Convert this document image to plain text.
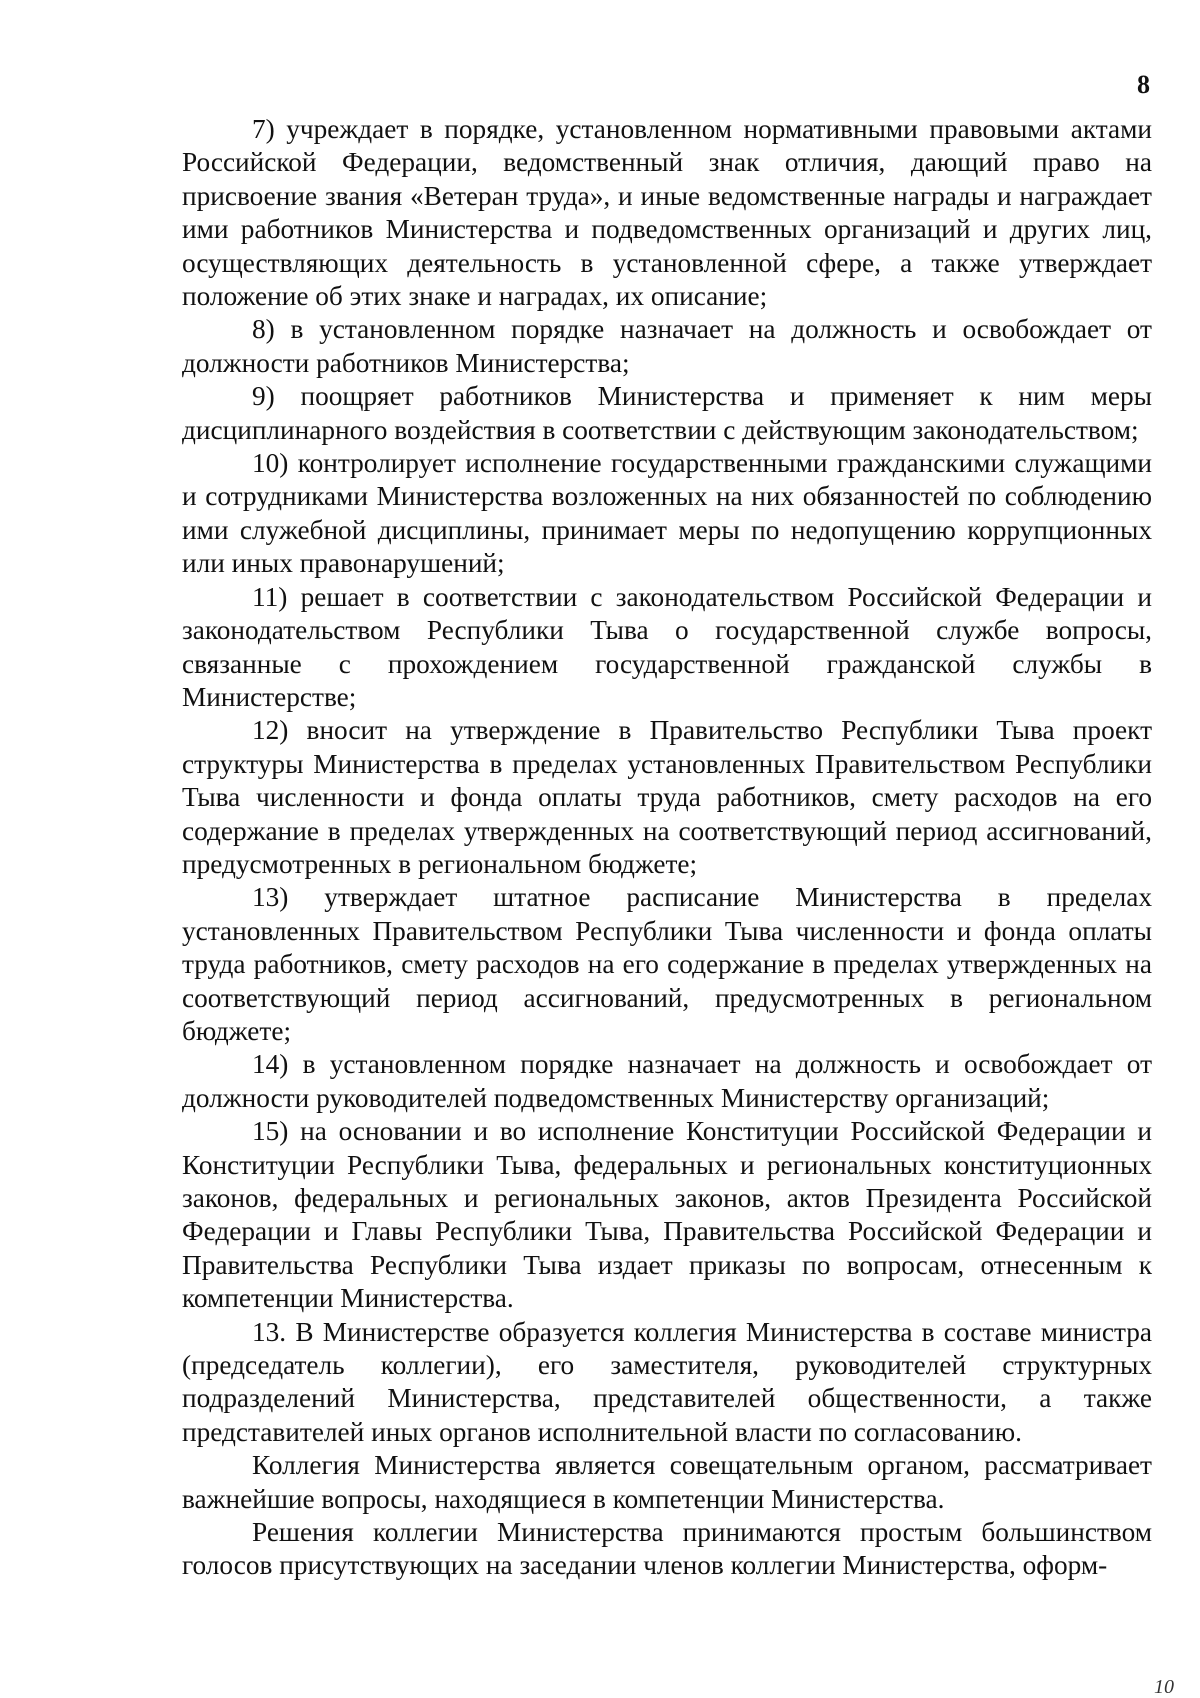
8

7) учреждает в порядке, установленном нормативными правовыми актами Российской Федерации, ведомственный знак отличия, дающий право на присвоение звания «Ветеран труда», и иные ведомственные награды и награждает ими работников Министерства и подведомственных организаций и других лиц, осуществляющих деятельность в установленной сфере, а также утверждает положение об этих знаке и наградах, их описание;

8) в установленном порядке назначает на должность и освобождает от должности работников Министерства;

9) поощряет работников Министерства и применяет к ним меры дисциплинарного воздействия в соответствии с действующим законодательством;

10) контролирует исполнение государственными гражданскими служащими и сотрудниками Министерства возложенных на них обязанностей по соблюдению ими служебной дисциплины, принимает меры по недопущению коррупционных или иных правонарушений;

11) решает в соответствии с законодательством Российской Федерации и законодательством Республики Тыва о государственной службе вопросы, связанные с прохождением государственной гражданской службы в Министерстве;

12) вносит на утверждение в Правительство Республики Тыва проект структуры Министерства в пределах установленных Правительством Республики Тыва численности и фонда оплаты труда работников, смету расходов на его содержание в пределах утвержденных на соответствующий период ассигнований, предусмотренных в региональном бюджете;

13) утверждает штатное расписание Министерства в пределах установленных Правительством Республики Тыва численности и фонда оплаты труда работников, смету расходов на его содержание в пределах утвержденных на соответствующий период ассигнований, предусмотренных в региональном бюджете;

14) в установленном порядке назначает на должность и освобождает от должности руководителей подведомственных Министерству организаций;

15) на основании и во исполнение Конституции Российской Федерации и Конституции Республики Тыва, федеральных и региональных конституционных законов, федеральных и региональных законов, актов Президента Российской Федерации и Главы Республики Тыва, Правительства Российской Федерации и Правительства Республики Тыва издает приказы по вопросам, отнесенным к компетенции Министерства.

13. В Министерстве образуется коллегия Министерства в составе министра (председатель коллегии), его заместителя, руководителей структурных подразделений Министерства, представителей общественности, а также представителей иных органов исполнительной власти по согласованию.

Коллегия Министерства является совещательным органом, рассматривает важнейшие вопросы, находящиеся в компетенции Министерства.

Решения коллегии Министерства принимаются простым большинством голосов присутствующих на заседании членов коллегии Министерства, оформ-

10
